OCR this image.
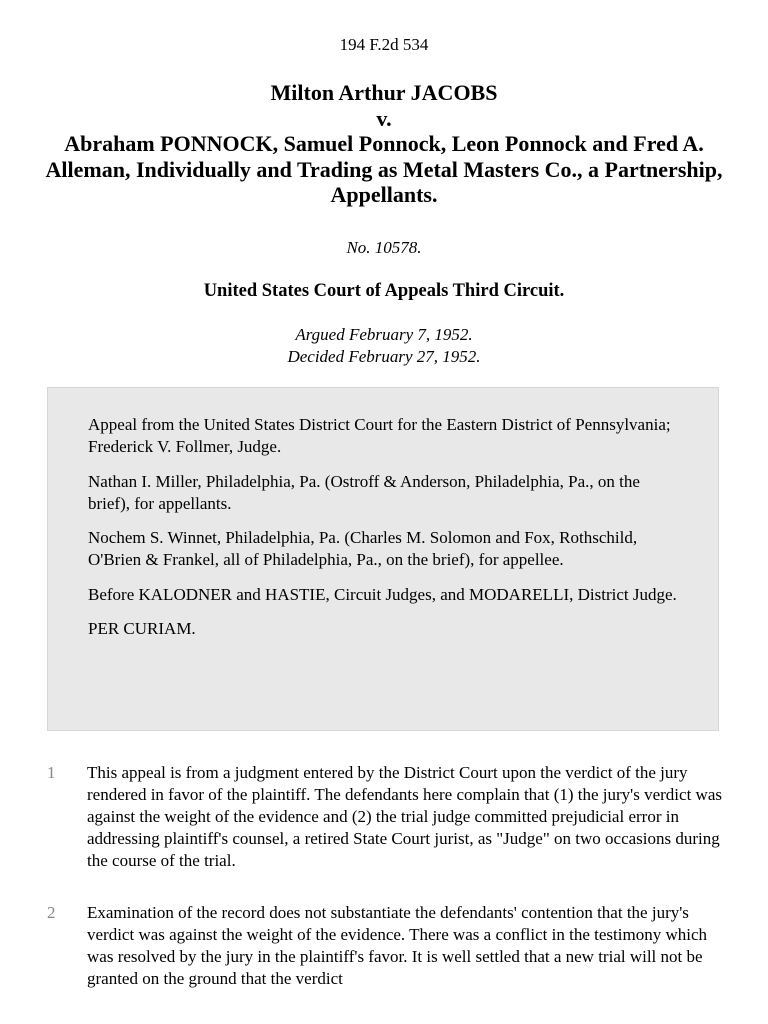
194 F.2d 534
Milton Arthur JACOBS
v.
Abraham PONNOCK, Samuel Ponnock, Leon Ponnock and Fred A. Alleman, Individually and Trading as Metal Masters Co., a Partnership, Appellants.
No. 10578.
United States Court of Appeals Third Circuit.
Argued February 7, 1952.
Decided February 27, 1952.

Appeal from the United States District Court for the Eastern District of Pennsylvania; Frederick V. Follmer, Judge.

Nathan I. Miller, Philadelphia, Pa. (Ostroff & Anderson, Philadelphia, Pa., on the brief), for appellants.

Nochem S. Winnet, Philadelphia, Pa. (Charles M. Solomon and Fox, Rothschild, O'Brien & Frankel, all of Philadelphia, Pa., on the brief), for appellee.

Before KALODNER and HASTIE, Circuit Judges, and MODARELLI, District Judge.

PER CURIAM.

1	This appeal is from a judgment entered by the District Court upon the verdict of the jury rendered in favor of the plaintiff. The defendants here complain that (1) the jury's verdict was against the weight of the evidence and (2) the trial judge committed prejudicial error in addressing plaintiff's counsel, a retired State Court jurist, as "Judge" on two occasions during the course of the trial.
2	Examination of the record does not substantiate the defendants' contention that the jury's verdict was against the weight of the evidence. There was a conflict in the testimony which was resolved by the jury in the plaintiff's favor. It is well settled that a new trial will not be granted on the ground that the verdict
